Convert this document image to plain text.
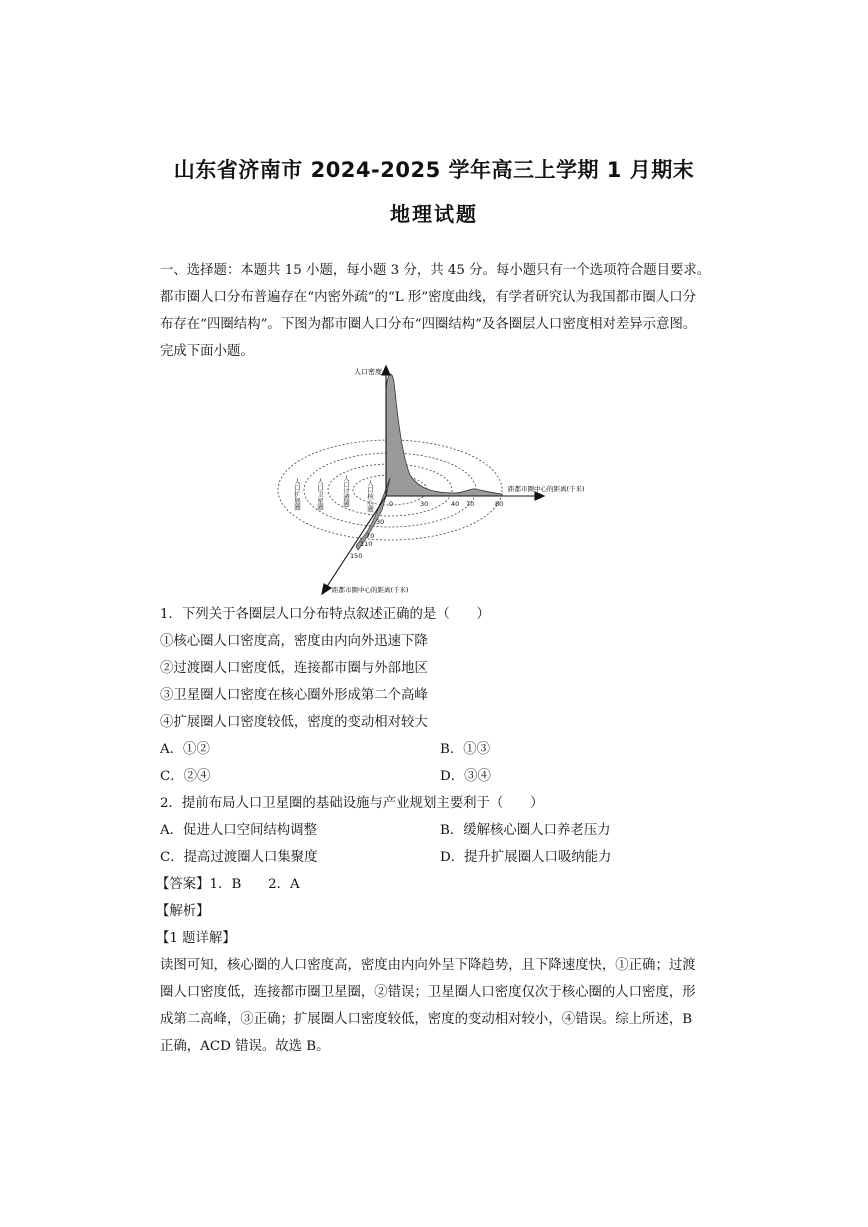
山东省济南市 2024-2025 学年高三上学期 1 月期末
地理试题
一、选择题：本题共 15 小题，每小题 3 分，共 45 分。每小题只有一个选项符合题目要求。
都市圈人口分布普遍存在“内密外疏”的“L 形”密度曲线，有学者研究认为我国都市圈人口分
布存在“四圈结构”。下图为都市圈人口分布“四圈结构”及各圈层人口密度相对差异示意图。
完成下面小题。
人口密度
距都市圈中心的距离(千米)
距都市圈中心的距离(千米)
0	30	40 70	80
30
70
110
150
人口扩展圈 人口卫星圈	人口过渡圈 人口核心圈
1．下列关于各圈层人口分布特点叙述正确的是（　　）
①核心圈人口密度高，密度由内向外迅速下降
②过渡圈人口密度低，连接都市圈与外部地区
③卫星圈人口密度在核心圈外形成第二个高峰
④扩展圈人口密度较低，密度的变动相对较大
A．①②	B．①③
C．②④	D．③④
2．提前布局人口卫星圈的基础设施与产业规划主要利于（　　）
A．促进人口空间结构调整	B．缓解核心圈人口养老压力
C．提高过渡圈人口集聚度	D．提升扩展圈人口吸纳能力
【答案】1．B　　2．A
【解析】
【1 题详解】
读图可知，核心圈的人口密度高，密度由内向外呈下降趋势，且下降速度快，①正确；过渡
圈人口密度低，连接都市圈卫星圈，②错误；卫星圈人口密度仅次于核心圈的人口密度，形
成第二高峰，③正确；扩展圈人口密度较低，密度的变动相对较小，④错误。综上所述，B
正确，ACD 错误。故选 B。
